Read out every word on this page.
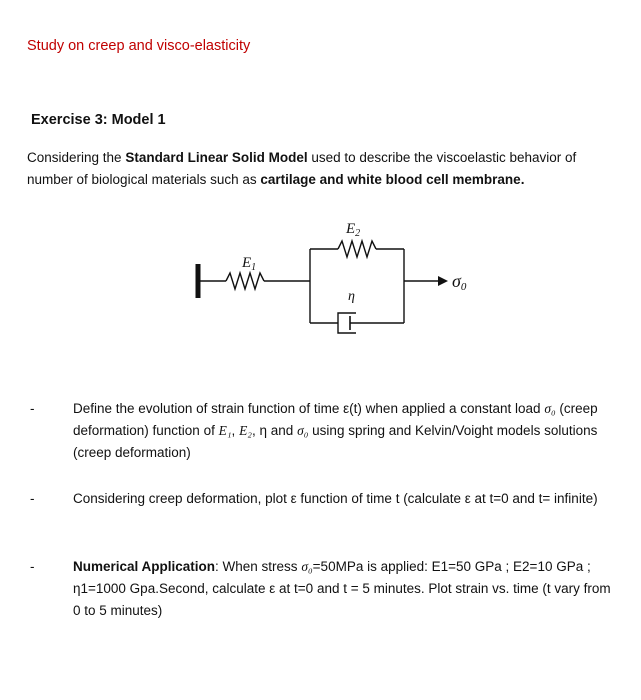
Study on creep and visco-elasticity
Exercise 3: Model 1
Considering the Standard Linear Solid Model used to describe the viscoelastic behavior of number of biological materials such as cartilage and white blood cell membrane.
$E_1$
$E_2$
η
σ0
-	Define the evolution of strain function of time ε(t) when applied a constant load σ₀ (creep deformation) function of E₁, E₂, η and σ₀ using spring and Kelvin/Voight models solutions (creep deformation)
-	Considering creep deformation, plot ε function of time t (calculate ε at t=0 and t= infinite)
-	Numerical Application: When stress σ₀=50MPa is applied: E1=50 GPa ; E2=10 GPa ; η1=1000 Gpa.Second, calculate ε at t=0 and t = 5 minutes. Plot strain vs. time (t vary from 0 to 5 minutes)
